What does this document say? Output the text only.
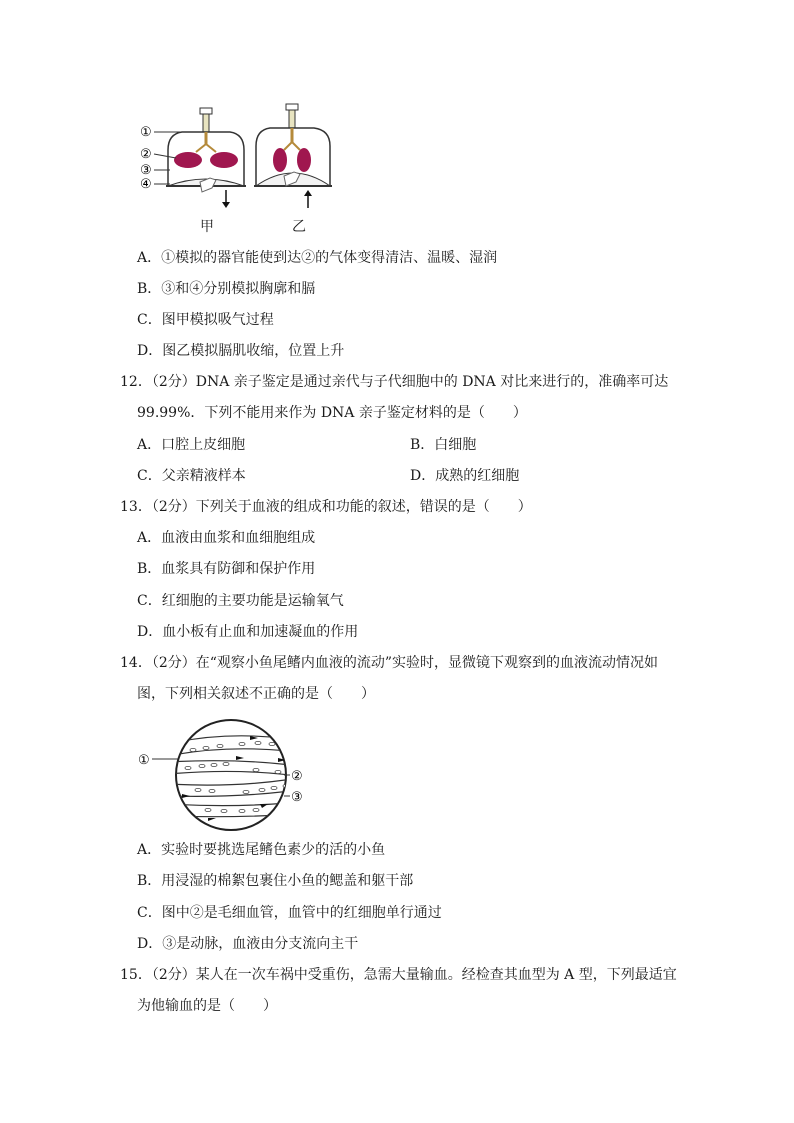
①
②
③
④
甲	乙
A．①模拟的器官能使到达②的气体变得清洁、温暖、湿润
B．③和④分别模拟胸廓和膈
C．图甲模拟吸气过程
D．图乙模拟膈肌收缩，位置上升
12．（2分）DNA 亲子鉴定是通过亲代与子代细胞中的 DNA 对比来进行的，准确率可达
99.99%．下列不能用来作为 DNA 亲子鉴定材料的是（　　）
A．口腔上皮细胞	B．白细胞
C．父亲精液样本	D．成熟的红细胞
13．（2分）下列关于血液的组成和功能的叙述，错误的是（　　）
A．血液由血浆和血细胞组成
B．血浆具有防御和保护作用
C．红细胞的主要功能是运输氧气
D．血小板有止血和加速凝血的作用
14．（2分）在“观察小鱼尾鳍内血液的流动”实验时，显微镜下观察到的血液流动情况如
图，下列相关叙述不正确的是（　　）
①
②
③
A．实验时要挑选尾鳍色素少的活的小鱼
B．用浸湿的棉絮包裹住小鱼的鳃盖和躯干部
C．图中②是毛细血管，血管中的红细胞单行通过
D．③是动脉，血液由分支流向主干
15．（2分）某人在一次车祸中受重伤，急需大量输血。经检查其血型为 A 型，下列最适宜
为他输血的是（　　）
